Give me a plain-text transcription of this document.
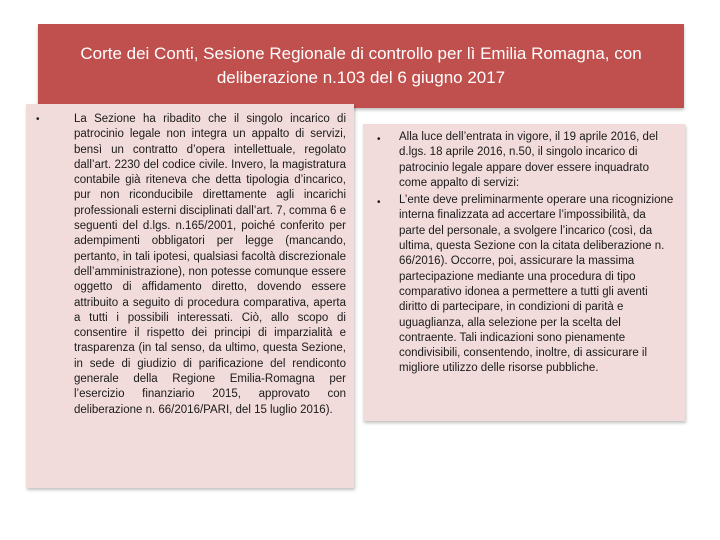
Corte dei Conti, Sesione Regionale di controllo per lì Emilia Romagna, con deliberazione n.103 del 6 giugno 2017
•	La Sezione ha ribadito che il singolo incarico di patrocinio legale non integra un appalto di servizi, bensì un contratto d’opera intellettuale, regolato dall’art. 2230 del codice civile. Invero, la magistratura contabile già riteneva che detta tipologia d’incarico, pur non riconducibile direttamente agli incarichi professionali esterni disciplinati dall’art. 7, comma 6 e seguenti del d.lgs. n.165/2001, poiché conferito per adempimenti obbligatori per legge (mancando, pertanto, in tali ipotesi, qualsiasi facoltà discrezionale dell’amministrazione), non potesse comunque essere oggetto di affidamento diretto, dovendo essere attribuito a seguito di procedura comparativa, aperta a tutti i possibili interessati. Ciò, allo scopo di consentire il rispetto dei principi di imparzialità e trasparenza (in tal senso, da ultimo, questa Sezione, in sede di giudizio di parificazione del rendiconto generale della Regione Emilia-Romagna per l’esercizio finanziario 2015, approvato con deliberazione n. 66/2016/PARI, del 15 luglio 2016).
• Alla luce dell’entrata in vigore, il 19 aprile 2016, del d.lgs. 18 aprile 2016, n.50, il singolo incarico di patrocinio legale appare dover essere inquadrato come appalto di servizi:
• L’ente deve preliminarmente operare una ricognizione interna finalizzata ad accertare l’impossibilità, da parte del personale, a svolgere l’incarico (così, da ultima, questa Sezione con la citata deliberazione n. 66/2016). Occorre, poi, assicurare la massima partecipazione mediante una procedura di tipo comparativo idonea a permettere a tutti gli aventi diritto di partecipare, in condizioni di parità e uguaglianza, alla selezione per la scelta del contraente. Tali indicazioni sono pienamente condivisibili, consentendo, inoltre, di assicurare il migliore utilizzo delle risorse pubbliche.
